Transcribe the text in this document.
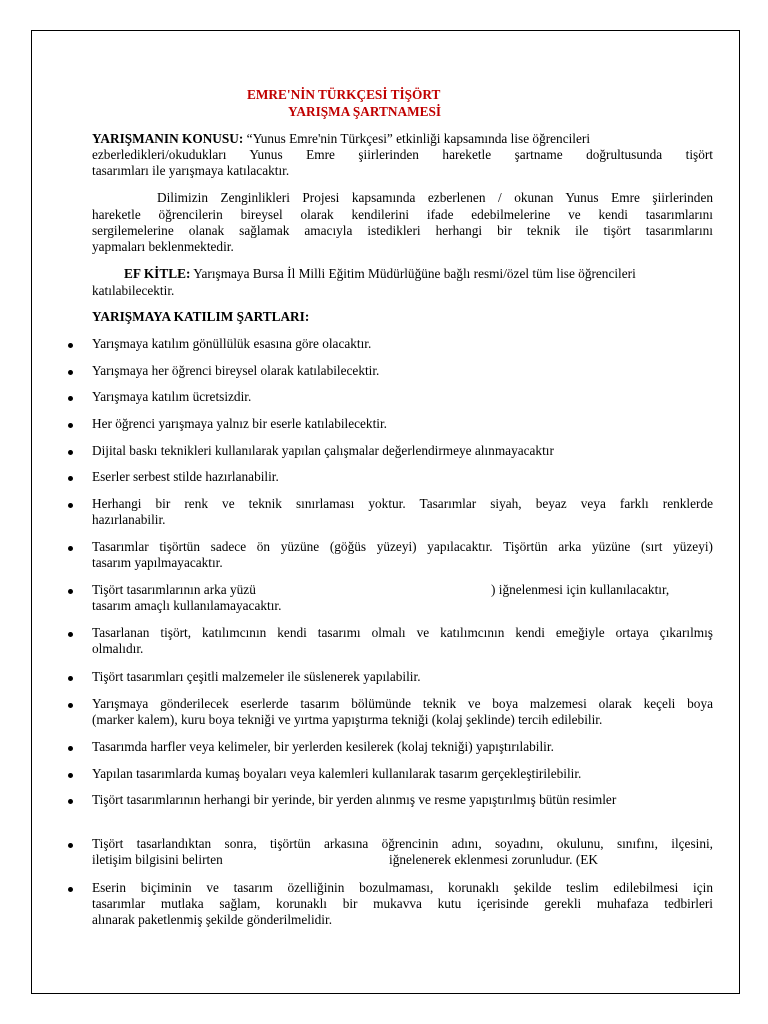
EMRE'NİN TÜRKÇESİ TİŞÖRT
YARIŞMA ŞARTNAMESİ
YARIŞMANIN KONUSU: “Yunus Emre'nin Türkçesi” etkinliği kapsamında lise öğrencileri
ezberledikleri/okudukları Yunus Emre şiirlerinden hareketle şartname doğrultusunda tişört
tasarımları ile yarışmaya katılacaktır.
Dilimizin Zenginlikleri Projesi kapsamında ezberlenen / okunan Yunus Emre şiirlerinden
hareketle öğrencilerin bireysel olarak kendilerini ifade edebilmelerine ve kendi tasarımlarını
sergilemelerine olanak sağlamak amacıyla istedikleri herhangi bir teknik ile tişört tasarımlarını
yapmaları beklenmektedir.
EF KİTLE: Yarışmaya Bursa İl Milli Eğitim Müdürlüğüne bağlı resmi/özel tüm lise öğrencileri
katılabilecektir.
YARIŞMAYA KATILIM ŞARTLARI:
Yarışmaya katılım gönüllülük esasına göre olacaktır.
Yarışmaya her öğrenci bireysel olarak katılabilecektir.
Yarışmaya katılım ücretsizdir.
Her öğrenci yarışmaya yalnız bir eserle katılabilecektir.
Dijital baskı teknikleri kullanılarak yapılan çalışmalar değerlendirmeye alınmayacaktır
Eserler serbest stilde hazırlanabilir.
Herhangi bir renk ve teknik sınırlaması yoktur. Tasarımlar siyah, beyaz veya farklı renklerde
hazırlanabilir.
Tasarımlar tişörtün sadece ön yüzüne (göğüs yüzeyi) yapılacaktır. Tişörtün arka yüzüne (sırt yüzeyi)
tasarım yapılmayacaktır.
Tişört tasarımlarının arka yüzü	) iğnelenmesi için kullanılacaktır,
tasarım amaçlı kullanılamayacaktır.
Tasarlanan tişört, katılımcının kendi tasarımı olmalı ve katılımcının kendi emeğiyle ortaya çıkarılmış
olmalıdır.
Tişört tasarımları çeşitli malzemeler ile süslenerek yapılabilir.
Yarışmaya gönderilecek eserlerde tasarım bölümünde teknik ve boya malzemesi olarak keçeli boya
(marker kalem), kuru boya tekniği ve yırtma yapıştırma tekniği (kolaj şeklinde) tercih edilebilir.
Tasarımda harfler veya kelimeler, bir yerlerden kesilerek (kolaj tekniği) yapıştırılabilir.
Yapılan tasarımlarda kumaş boyaları veya kalemleri kullanılarak tasarım gerçekleştirilebilir.
Tişört tasarımlarının herhangi bir yerinde, bir yerden alınmış ve resme yapıştırılmış bütün resimler
Tişört tasarlandıktan sonra, tişörtün arkasına öğrencinin adını, soyadını, okulunu, sınıfını, ilçesini,
iletişim bilgisini belirten	iğnelenerek eklenmesi zorunludur. (EK
Eserin biçiminin ve tasarım özelliğinin bozulmaması, korunaklı şekilde teslim edilebilmesi için
tasarımlar mutlaka sağlam, korunaklı bir mukavva kutu içerisinde gerekli muhafaza tedbirleri
alınarak paketlenmiş şekilde gönderilmelidir.
